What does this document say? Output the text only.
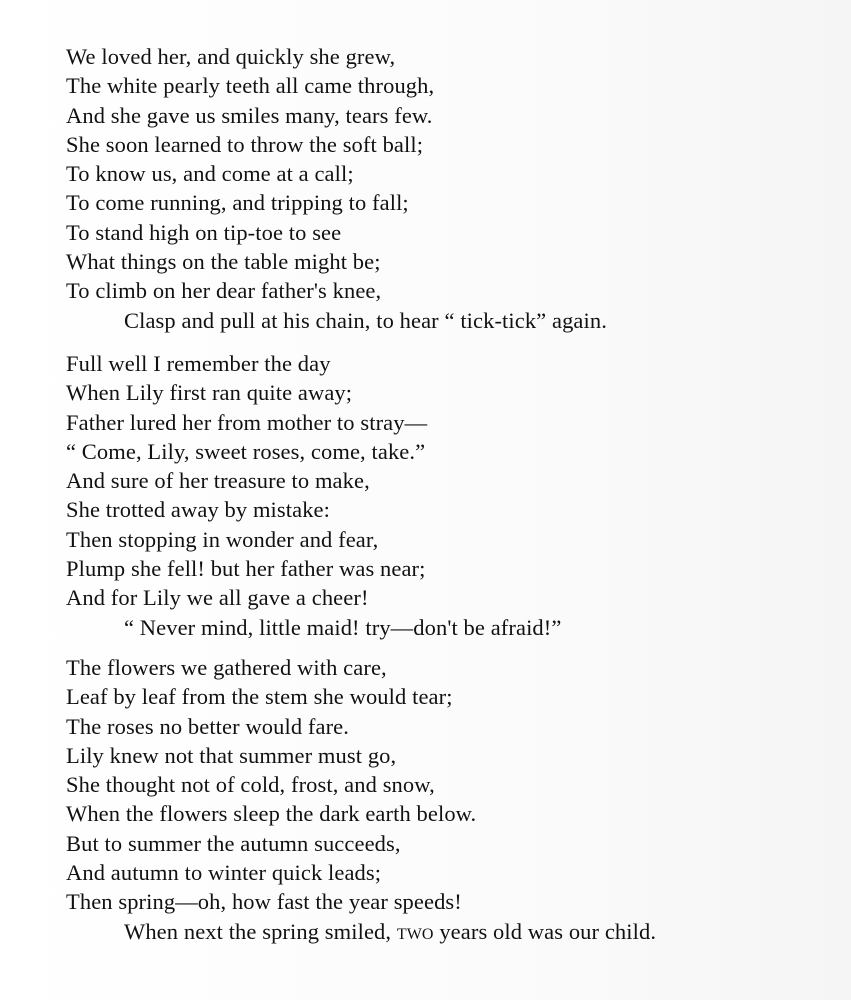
We loved her, and quickly she grew,
The white pearly teeth all came through,
And she gave us smiles many, tears few.
She soon learned to throw the soft ball;
To know us, and come at a call;
To come running, and tripping to fall;
To stand high on tip-toe to see
What things on the table might be;
To climb on her dear father's knee,
Clasp and pull at his chain, to hear “ tick-tick” again.
Full well I remember the day
When Lily first ran quite away;
Father lured her from mother to stray—
“ Come, Lily, sweet roses, come, take.”
And sure of her treasure to make,
She trotted away by mistake:
Then stopping in wonder and fear,
Plump she fell! but her father was near;
And for Lily we all gave a cheer!
“ Never mind, little maid! try—don't be afraid!”
The flowers we gathered with care,
Leaf by leaf from the stem she would tear;
The roses no better would fare.
Lily knew not that summer must go,
She thought not of cold, frost, and snow,
When the flowers sleep the dark earth below.
But to summer the autumn succeeds,
And autumn to winter quick leads;
Then spring—oh, how fast the year speeds!
When next the spring smiled, two years old was our child.
